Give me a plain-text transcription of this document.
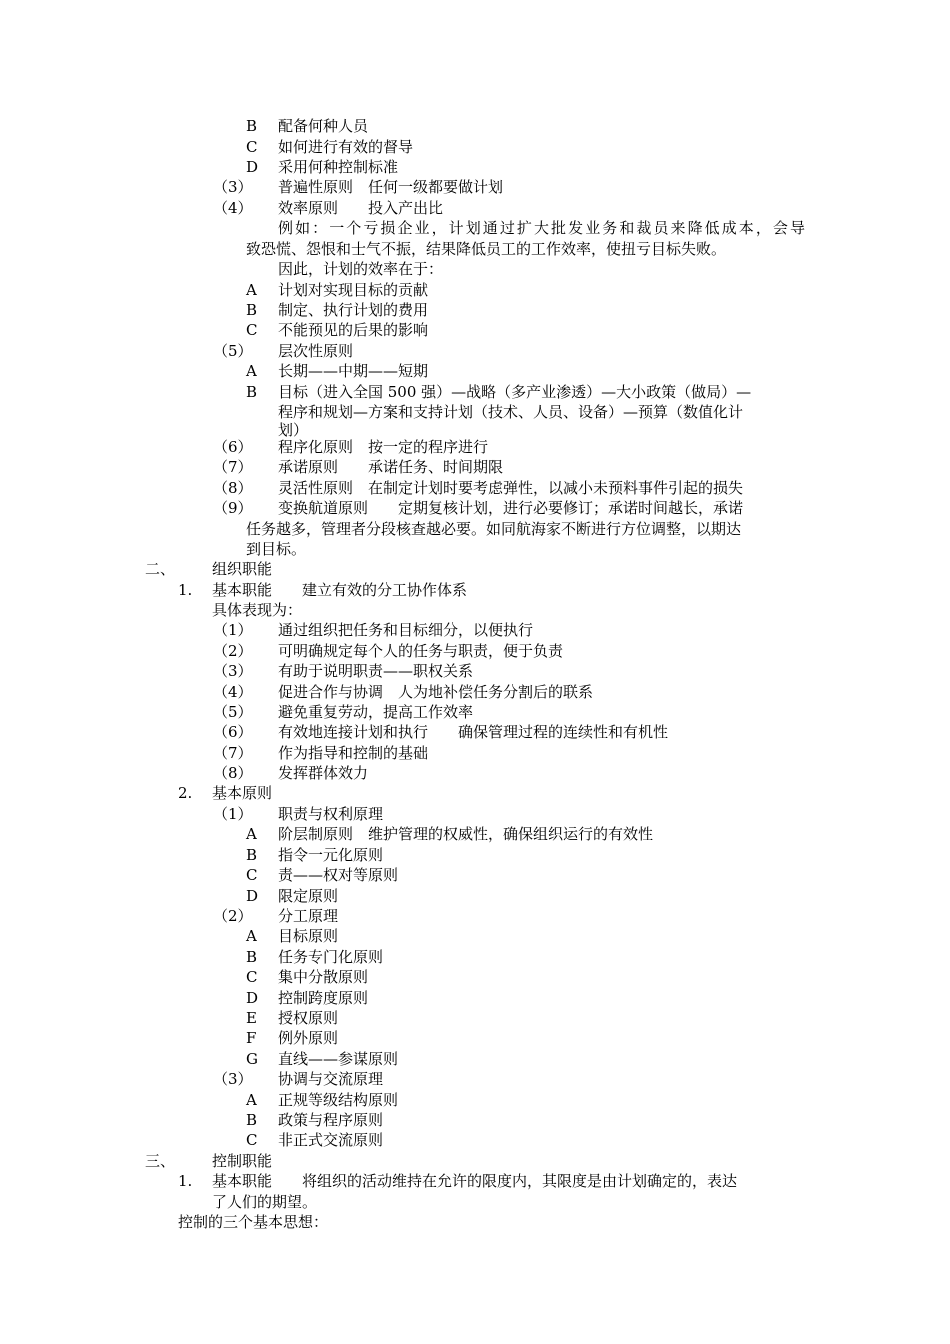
B 配备何种人员
C 如何进行有效的督导
D 采用何种控制标准
（3） 普遍性原则　任何一级都要做计划
（4） 效率原则　　投入产出比
例如：一个亏损企业，计划通过扩大批发业务和裁员来降低成本，会导
致恐慌、怨恨和士气不振，结果降低员工的工作效率，使扭亏目标失败。
因此，计划的效率在于：
A 计划对实现目标的贡献
B 制定、执行计划的费用
C 不能预见的后果的影响
（5） 层次性原则
A 长期——中期——短期
B 目标（进入全国 500 强）—战略（多产业渗透）—大小政策（做局）—
程序和规划—方案和支持计划（技术、人员、设备）—预算（数值化计
划）
（6） 程序化原则　按一定的程序进行
（7） 承诺原则　　承诺任务、时间期限
（8） 灵活性原则　在制定计划时要考虑弹性，以减小未预料事件引起的损失
（9） 变换航道原则　　定期复核计划，进行必要修订；承诺时间越长，承诺
任务越多，管理者分段核查越必要。如同航海家不断进行方位调整，以期达
到目标。
二、 组织职能
1. 基本职能　　建立有效的分工协作体系
具体表现为：
（1） 通过组织把任务和目标细分，以便执行
（2） 可明确规定每个人的任务与职责，便于负责
（3） 有助于说明职责——职权关系
（4） 促进合作与协调　人为地补偿任务分割后的联系
（5） 避免重复劳动，提高工作效率
（6） 有效地连接计划和执行　　确保管理过程的连续性和有机性
（7） 作为指导和控制的基础
（8） 发挥群体效力
2. 基本原则
（1） 职责与权利原理
A 阶层制原则　维护管理的权威性，确保组织运行的有效性
B 指令一元化原则
C 责——权对等原则
D 限定原则
（2） 分工原理
A 目标原则
B 任务专门化原则
C 集中分散原则
D 控制跨度原则
E 授权原则
F 例外原则
G 直线——参谋原则
（3） 协调与交流原理
A 正规等级结构原则
B 政策与程序原则
C 非正式交流原则
三、 控制职能
1. 基本职能　　将组织的活动维持在允许的限度内，其限度是由计划确定的，表达
了人们的期望。
控制的三个基本思想：
